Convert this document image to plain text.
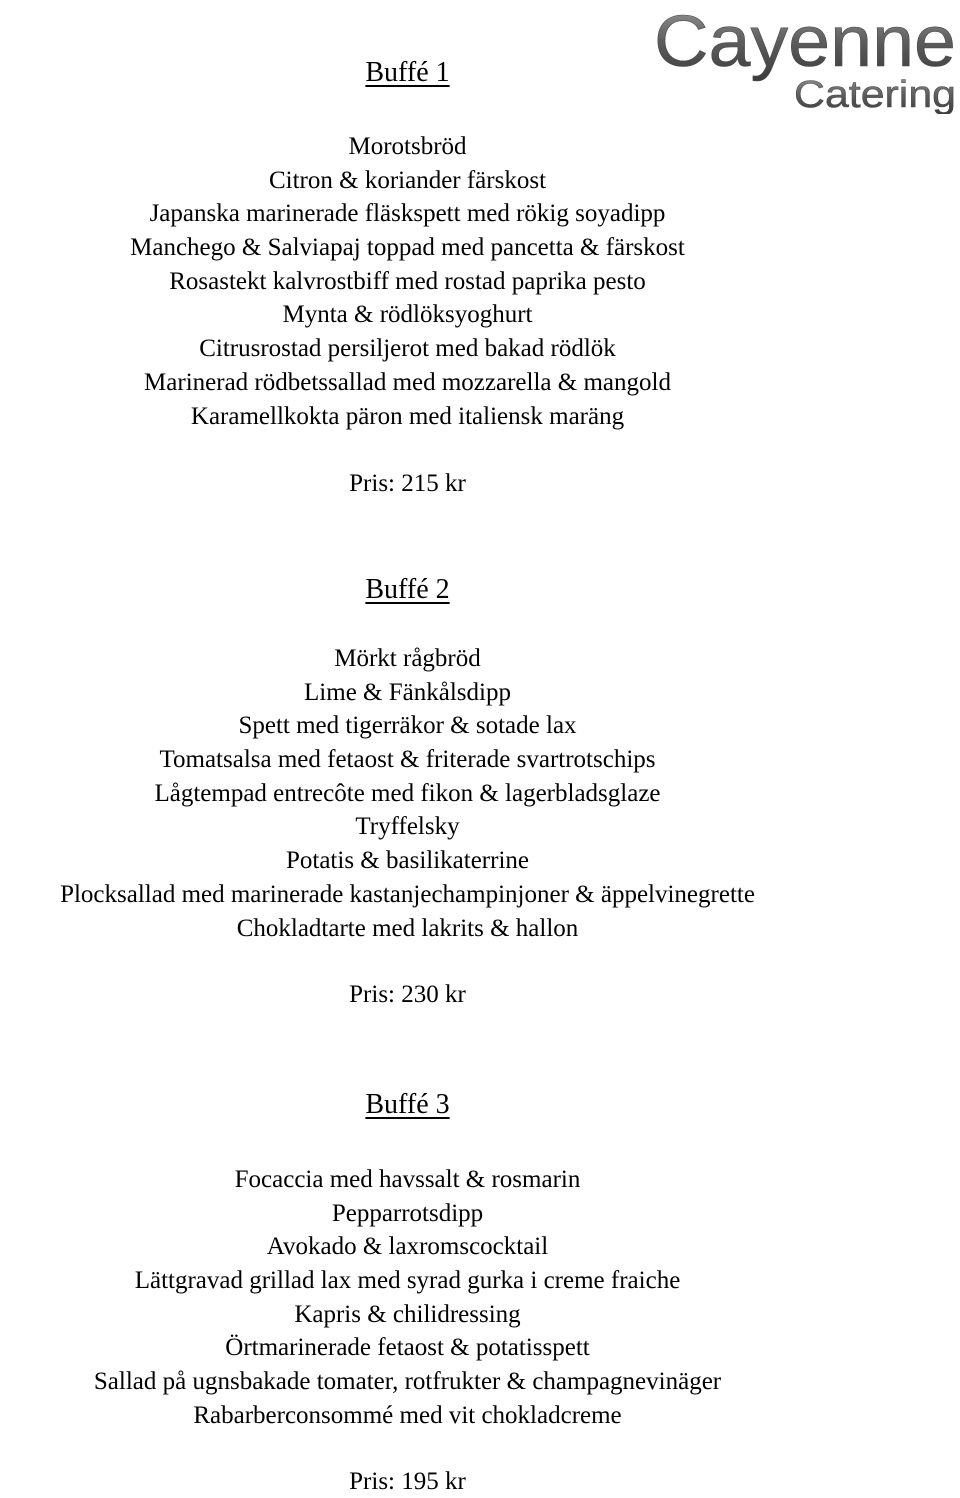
Cayenne
Catering
Buffé 1
Morotsbröd
Citron & koriander färskost
Japanska marinerade fläskspett med rökig soyadipp
Manchego & Salviapaj toppad med pancetta & färskost
Rosastekt kalvrostbiff med rostad paprika pesto
Mynta & rödlöksyoghurt
Citrusrostad persiljerot med bakad rödlök
Marinerad rödbetssallad med mozzarella & mangold
Karamellkokta päron med italiensk maräng
Pris: 215 kr
Buffé 2
Mörkt rågbröd
Lime & Fänkålsdipp
Spett med tigerräkor & sotade lax
Tomatsalsa med fetaost & friterade svartrotschips
Lågtempad entrecôte med fikon & lagerbladsglaze
Tryffelsky
Potatis & basilikaterrine
Plocksallad med marinerade kastanjechampinjoner & äppelvinegrette
Chokladtarte med lakrits & hallon
Pris: 230 kr
Buffé 3
Focaccia med havssalt & rosmarin
Pepparrotsdipp
Avokado & laxromscocktail
Lättgravad grillad lax med syrad gurka i creme fraiche
Kapris & chilidressing
Örtmarinerade fetaost & potatisspett
Sallad på ugnsbakade tomater, rotfrukter & champagnevinäger
Rabarberconsommé med vit chokladcreme
Pris: 195 kr
